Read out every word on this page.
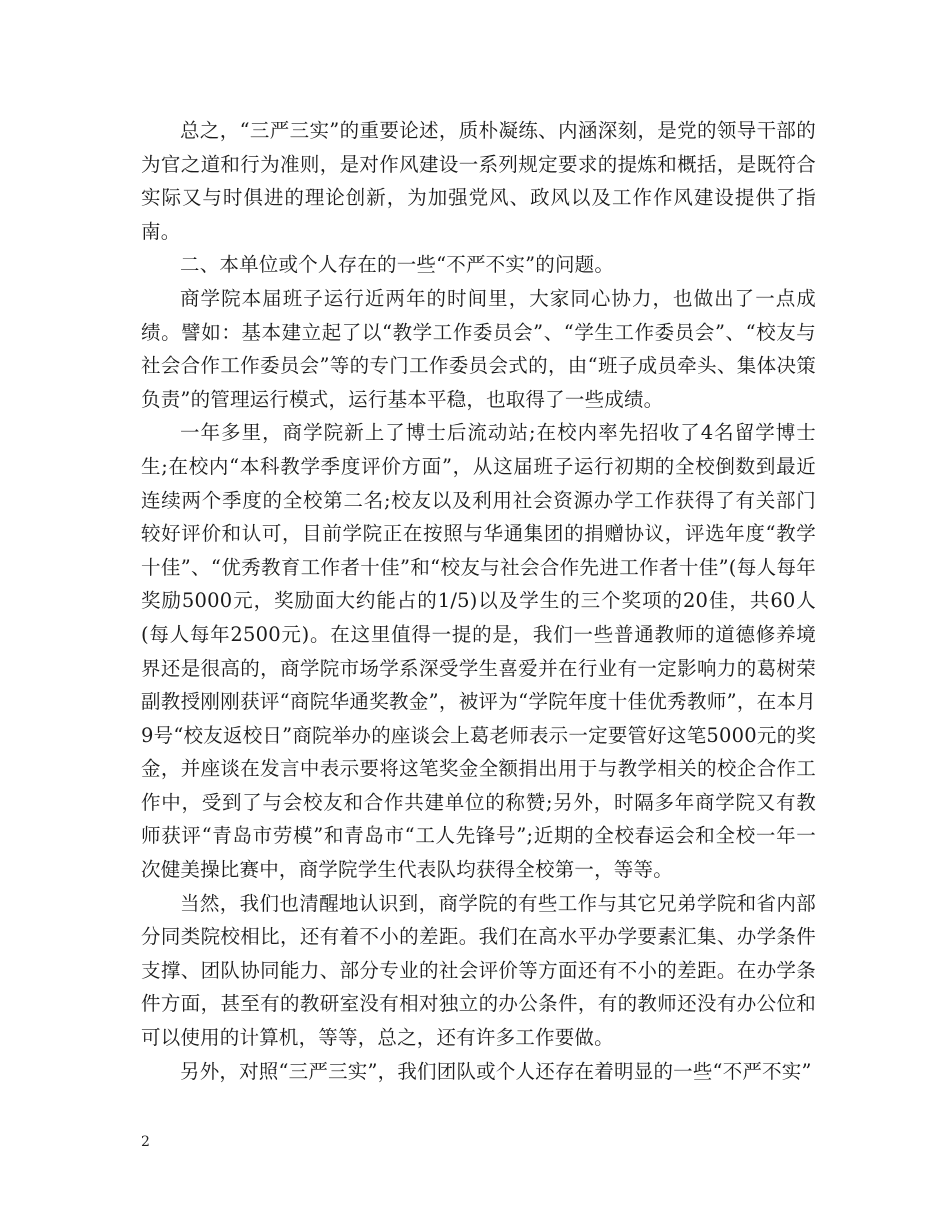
总之，“三严三实”的重要论述，质朴凝练、内涵深刻，是党的领导干部的为官之道和行为准则，是对作风建设一系列规定要求的提炼和概括，是既符合实际又与时俱进的理论创新，为加强党风、政风以及工作作风建设提供了指南。

二、本单位或个人存在的一些“不严不实”的问题。

商学院本届班子运行近两年的时间里，大家同心协力，也做出了一点成绩。譬如：基本建立起了以“教学工作委员会”、“学生工作委员会”、“校友与社会合作工作委员会”等的专门工作委员会式的，由“班子成员牵头、集体决策负责”的管理运行模式，运行基本平稳，也取得了一些成绩。

一年多里，商学院新上了博士后流动站;在校内率先招收了4名留学博士生;在校内“本科教学季度评价方面”，从这届班子运行初期的全校倒数到最近连续两个季度的全校第二名;校友以及利用社会资源办学工作获得了有关部门较好评价和认可，目前学院正在按照与华通集团的捐赠协议，评选年度“教学十佳”、“优秀教育工作者十佳”和“校友与社会合作先进工作者十佳”(每人每年奖励5000元，奖励面大约能占的1/5)以及学生的三个奖项的20佳，共60人(每人每年2500元)。在这里值得一提的是，我们一些普通教师的道德修养境界还是很高的，商学院市场学系深受学生喜爱并在行业有一定影响力的葛树荣副教授刚刚获评“商院华通奖教金”，被评为“学院年度十佳优秀教师”，在本月9号“校友返校日”商院举办的座谈会上葛老师表示一定要管好这笔5000元的奖金，并座谈在发言中表示要将这笔奖金全额捐出用于与教学相关的校企合作工作中，受到了与会校友和合作共建单位的称赞;另外，时隔多年商学院又有教师获评“青岛市劳模”和青岛市“工人先锋号”;近期的全校春运会和全校一年一次健美操比赛中，商学院学生代表队均获得全校第一，等等。

当然，我们也清醒地认识到，商学院的有些工作与其它兄弟学院和省内部分同类院校相比，还有着不小的差距。我们在高水平办学要素汇集、办学条件支撑、团队协同能力、部分专业的社会评价等方面还有不小的差距。在办学条件方面，甚至有的教研室没有相对独立的办公条件，有的教师还没有办公位和可以使用的计算机，等等，总之，还有许多工作要做。

另外，对照“三严三实”，我们团队或个人还存在着明显的一些“不严不实”

2
